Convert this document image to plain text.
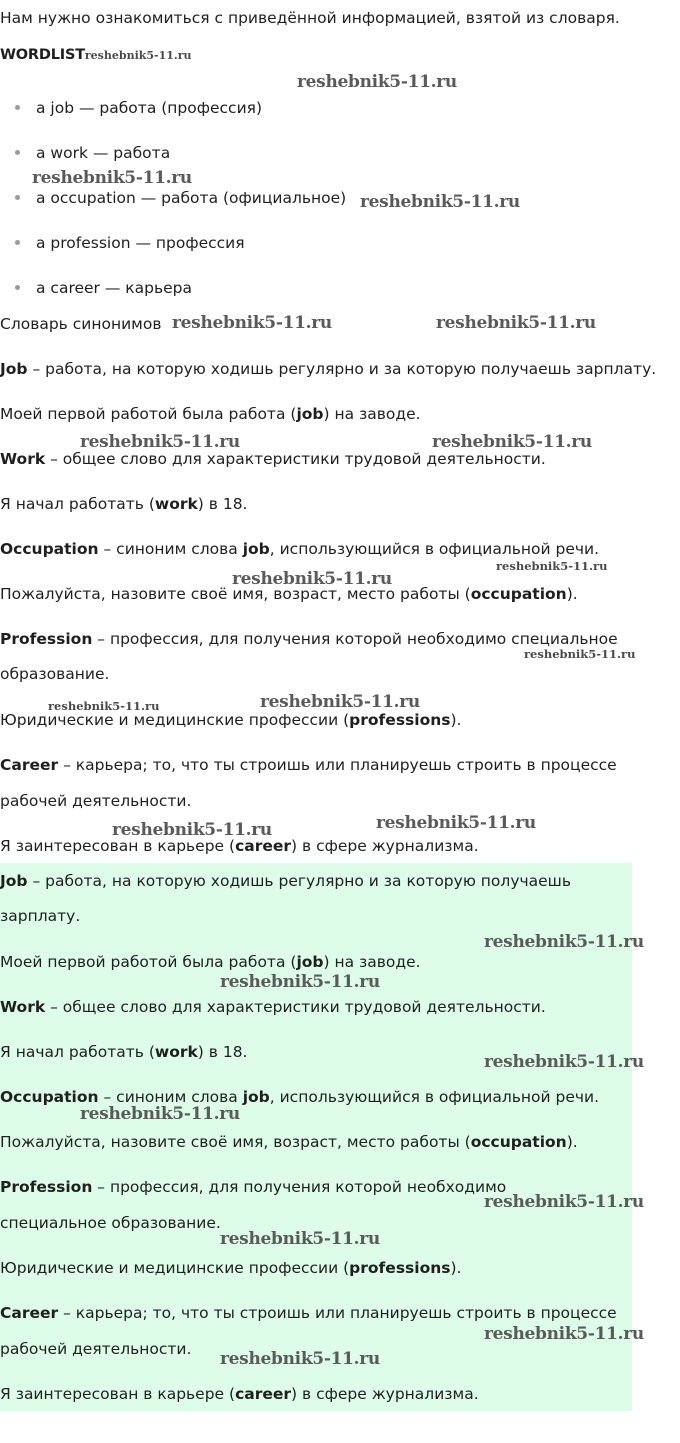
Нам нужно ознакомиться с приведённой информацией, взятой из словаря.
WORDLISTreshebnik5-11.ru
a job — работа (профессия)
a work — работа
a occupation — работа (официальное)
a profession — профессия
a career — карьера
Словарь синонимов
Job – работа, на которую ходишь регулярно и за которую получаешь зарплату.
Моей первой работой была работа (job) на заводе.
Work – общее слово для характеристики трудовой деятельности.
Я начал работать (work) в 18.
Occupation – синоним слова job, использующийся в официальной речи.
Пожалуйста, назовите своё имя, возраст, место работы (occupation).
Profession – профессия, для получения которой необходимо специальное
образование.
Юридические и медицинские профессии (professions).
Career – карьера; то, что ты строишь или планируешь строить в процессе
рабочей деятельности.
Я заинтересован в карьере (career) в сфере журнализма.
Job – работа, на которую ходишь регулярно и за которую получаешь
зарплату.
Моей первой работой была работа (job) на заводе.
Work – общее слово для характеристики трудовой деятельности.
Я начал работать (work) в 18.
Occupation – синоним слова job, использующийся в официальной речи.
Пожалуйста, назовите своё имя, возраст, место работы (occupation).
Profession – профессия, для получения которой необходимо
специальное образование.
Юридические и медицинские профессии (professions).
Career – карьера; то, что ты строишь или планируешь строить в процессе
рабочей деятельности.
Я заинтересован в карьере (career) в сфере журнализма.
reshebnik5-11.ru
reshebnik5-11.ru
reshebnik5-11.ru
reshebnik5-11.ru	reshebnik5-11.ru
reshebnik5-11.ru	reshebnik5-11.ru
reshebnik5-11.ru
reshebnik5-11.ru
reshebnik5-11.ru
reshebnik5-11.ru	reshebnik5-11.ru
reshebnik5-11.ru
reshebnik5-11.ru
reshebnik5-11.ru
reshebnik5-11.ru
reshebnik5-11.ru
reshebnik5-11.ru
reshebnik5-11.ru
reshebnik5-11.ru
reshebnik5-11.ru
reshebnik5-11.ru
